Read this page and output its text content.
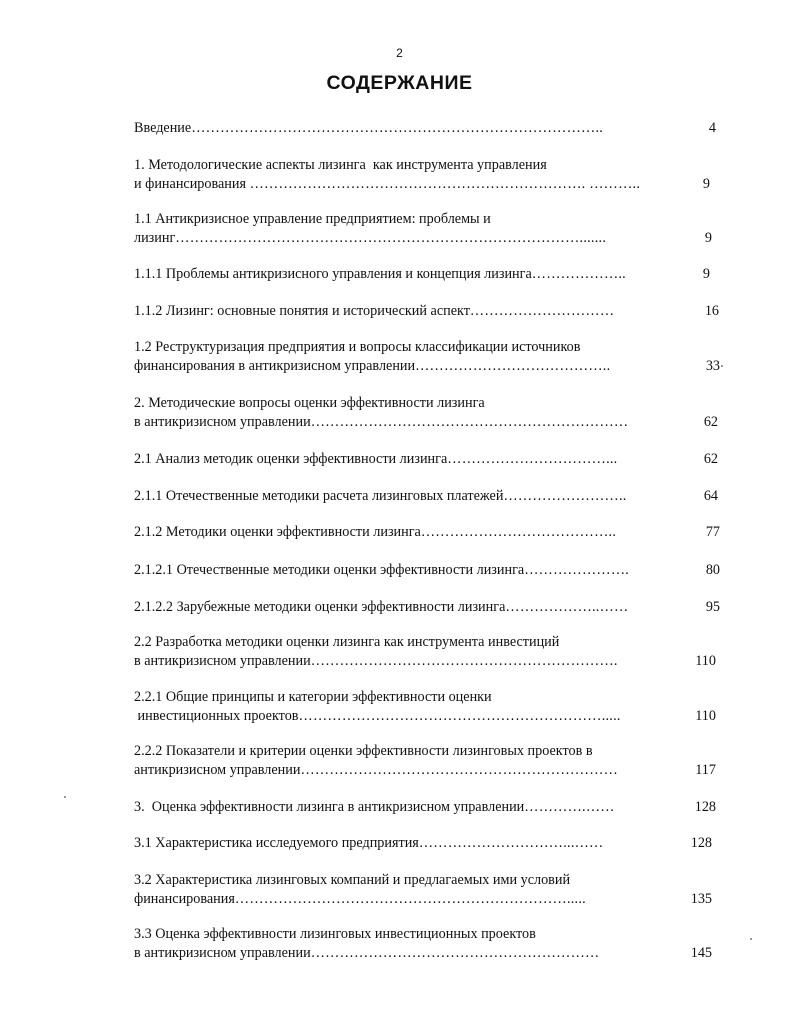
2
СОДЕРЖАНИЕ
Введение …………………………………………………………………………..	4
1. Методологические аспекты лизинга  как инструмента управления
и финансирования ……………………………………………………………. ………..	9
1.1 Антикризисное управление предприятием: проблемы и
лизинг ………………………………………………………………………….......	9
1.1.1 Проблемы антикризисного управления и концепция лизинга ………………..	9
1.1.2 Лизинг: основные понятия и исторический аспект …………………………	16
1.2 Реструктуризация предприятия и вопросы классификации источников
финансирования в антикризисном управлении …………………………………..	33
2. Методические вопросы оценки эффективности лизинга
в антикризисном управлении …………………………………………………………	62
2.1 Анализ методик оценки эффективности лизинга ……………………………...	62
2.1.1 Отечественные методики расчета лизинговых платежей ……………………..	64
2.1.2 Методики оценки эффективности лизинга …………………………………..	77
2.1.2.1 Отечественные методики оценки эффективности лизинга ………………….	80
2.1.2.2 Зарубежные методики оценки эффективности лизинга ………………..……	95
2.2 Разработка методики оценки лизинга как инструмента инвестиций
в антикризисном управлении ……………………………………………………….	110
2.2.1 Общие принципы и категории эффективности оценки
инвестиционных проектов ……………………………………………………….....	110
2.2.2 Показатели и критерии оценки эффективности лизинговых проектов в
антикризисном управлении …………………………………………………………	117
3.  Оценка эффективности лизинга в антикризисном управлении ………….……	128
3.1 Характеристика исследуемого предприятия …………………………...……	128
3.2 Характеристика лизинговых компаний и предлагаемых ими условий
финансирования …………………………………………………………….....	135
3.3 Оценка эффективности лизинговых инвестиционных проектов
в антикризисном управлении ……………………………………………………	145
